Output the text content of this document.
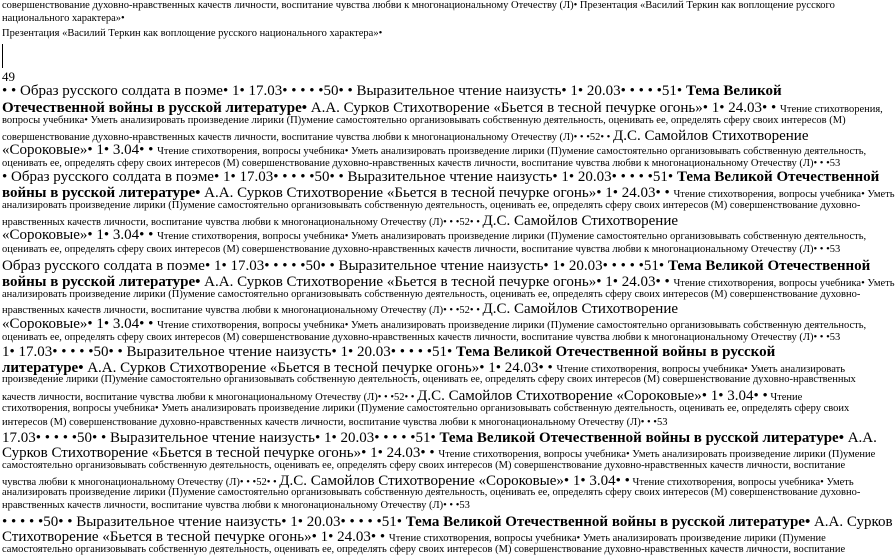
совершенствование духовно-нравственных качеств личности, воспитание чувства любви к многонациональному Отечеству (Л)• Презентация «Василий Теркин как воплощение русского
национального характера»•
Презентация «Василий Теркин как воплощение русского национального характера»•
49
• • Образ русского солдата в поэме• 1• 17.03• • • • •50• • Выразительное чтение наизусть• 1• 20.03• • • • •51• Тема Великой
Отечественной войны в русской литературе• А.А. Сурков Стихотворение «Бьется в тесной печурке огонь»• 1• 24.03• • Чтение стихотворения,
вопросы учебника• Уметь анализировать произведение лирики (П)умение самостоятельно организовывать собственную деятельность, оценивать ее, определять сферу своих интересов (М)
совершенствование духовно-нравственных качеств личности, воспитание чувства любви к многонациональному Отечеству (Л)• • •52• • Д.С. Самойлов Стихотворение
«Сороковые»• 1• 3.04• • Чтение стихотворения, вопросы учебника• Уметь анализировать произведение лирики (П)умение самостоятельно организовывать собственную деятельность,
оценивать ее, определять сферу своих интересов (М) совершенствование духовно-нравственных качеств личности, воспитание чувства любви к многонациональному Отечеству (Л)• • •53
• Образ русского солдата в поэме• 1• 17.03• • • • •50• • Выразительное чтение наизусть• 1• 20.03• • • • •51• Тема Великой Отечественной
войны в русской литературе• А.А. Сурков Стихотворение «Бьется в тесной печурке огонь»• 1• 24.03• • Чтение стихотворения, вопросы учебника• Уметь
анализировать произведение лирики (П)умение самостоятельно организовывать собственную деятельность, оценивать ее, определять сферу своих интересов (М) совершенствование духовно-
нравственных качеств личности, воспитание чувства любви к многонациональному Отечеству (Л)• • •52• • Д.С. Самойлов Стихотворение
«Сороковые»• 1• 3.04• • Чтение стихотворения, вопросы учебника• Уметь анализировать произведение лирики (П)умение самостоятельно организовывать собственную деятельность,
оценивать ее, определять сферу своих интересов (М) совершенствование духовно-нравственных качеств личности, воспитание чувства любви к многонациональному Отечеству (Л)• • •53
Образ русского солдата в поэме• 1• 17.03• • • • •50• • Выразительное чтение наизусть• 1• 20.03• • • • •51• Тема Великой Отечественной
войны в русской литературе• А.А. Сурков Стихотворение «Бьется в тесной печурке огонь»• 1• 24.03• • Чтение стихотворения, вопросы учебника• Уметь
анализировать произведение лирики (П)умение самостоятельно организовывать собственную деятельность, оценивать ее, определять сферу своих интересов (М) совершенствование духовно-
нравственных качеств личности, воспитание чувства любви к многонациональному Отечеству (Л)• • •52• • Д.С. Самойлов Стихотворение
«Сороковые»• 1• 3.04• • Чтение стихотворения, вопросы учебника• Уметь анализировать произведение лирики (П)умение самостоятельно организовывать собственную деятельность,
оценивать ее, определять сферу своих интересов (М) совершенствование духовно-нравственных качеств личности, воспитание чувства любви к многонациональному Отечеству (Л)• • •53
1• 17.03• • • • •50• • Выразительное чтение наизусть• 1• 20.03• • • • •51• Тема Великой Отечественной войны в русской
литературе• А.А. Сурков Стихотворение «Бьется в тесной печурке огонь»• 1• 24.03• • Чтение стихотворения, вопросы учебника• Уметь анализировать
произведение лирики (П)умение самостоятельно организовывать собственную деятельность, оценивать ее, определять сферу своих интересов (М) совершенствование духовно-нравственных
качеств личности, воспитание чувства любви к многонациональному Отечеству (Л)• • •52• • Д.С. Самойлов Стихотворение «Сороковые»• 1• 3.04• • Чтение
стихотворения, вопросы учебника• Уметь анализировать произведение лирики (П)умение самостоятельно организовывать собственную деятельность, оценивать ее, определять сферу своих
интересов (М) совершенствование духовно-нравственных качеств личности, воспитание чувства любви к многонациональному Отечеству (Л)• • •53
17.03• • • • •50• • Выразительное чтение наизусть• 1• 20.03• • • • •51• Тема Великой Отечественной войны в русской литературе• А.А.
Сурков Стихотворение «Бьется в тесной печурке огонь»• 1• 24.03• • Чтение стихотворения, вопросы учебника• Уметь анализировать произведение лирики (П)умение
самостоятельно организовывать собственную деятельность, оценивать ее, определять сферу своих интересов (М) совершенствование духовно-нравственных качеств личности, воспитание
чувства любви к многонациональному Отечеству (Л)• • •52• • Д.С. Самойлов Стихотворение «Сороковые»• 1• 3.04• • Чтение стихотворения, вопросы учебника• Уметь
анализировать произведение лирики (П)умение самостоятельно организовывать собственную деятельность, оценивать ее, определять сферу своих интересов (М) совершенствование духовно-
нравственных качеств личности, воспитание чувства любви к многонациональному Отечеству (Л)• • •53
• • • • •50• • Выразительное чтение наизусть• 1• 20.03• • • • •51• Тема Великой Отечественной войны в русской литературе• А.А. Сурков
Стихотворение «Бьется в тесной печурке огонь»• 1• 24.03• • Чтение стихотворения, вопросы учебника• Уметь анализировать произведение лирики (П)умение
самостоятельно организовывать собственную деятельность, оценивать ее, определять сферу своих интересов (М) совершенствование духовно-нравственных качеств личности, воспитание
